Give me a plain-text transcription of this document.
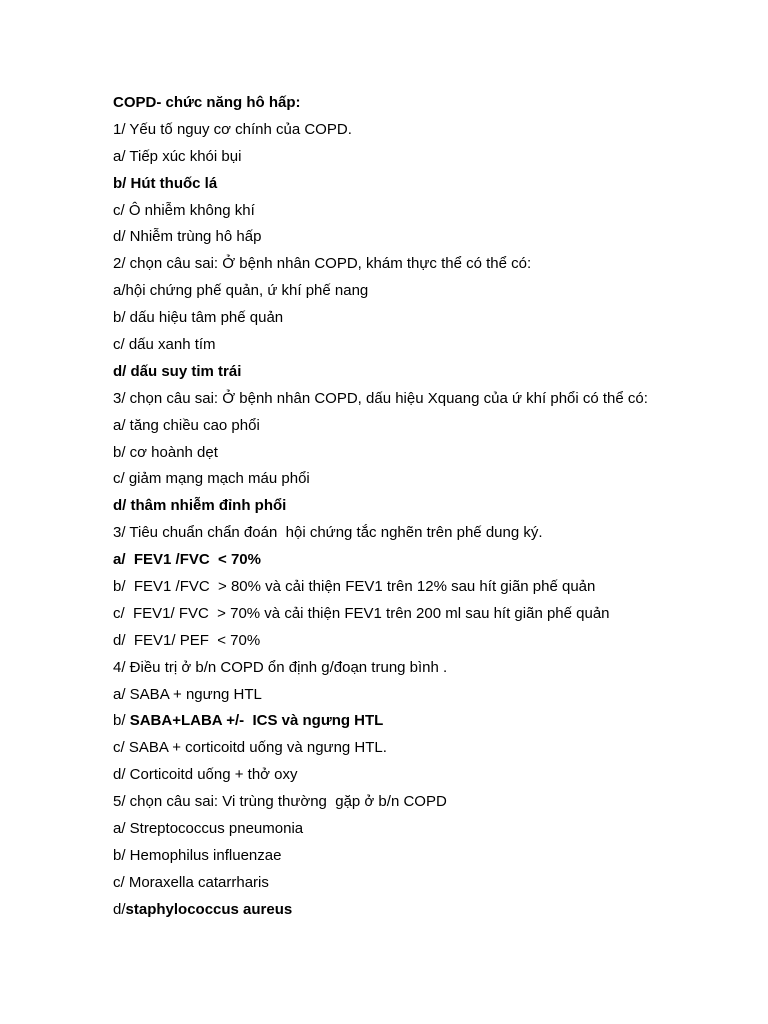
COPD- chức năng hô hấp:
1/ Yếu tố nguy cơ chính của COPD.
a/ Tiếp xúc khói bụi
b/ Hút thuốc lá
c/ Ô nhiễm không khí
d/ Nhiễm trùng hô hấp
2/ chọn câu sai: Ở bệnh nhân COPD, khám thực thể có thể có:
a/hội chứng phế quản, ứ khí phế nang
b/ dấu hiệu tâm phế quản
c/ dấu xanh tím
d/ dấu suy tim trái
3/ chọn câu sai: Ở bệnh nhân COPD, dấu hiệu Xquang của ứ khí phổi có thể có:
a/ tăng chiều cao phổi
b/ cơ hoành dẹt
c/ giảm mạng mạch máu phổi
d/ thâm nhiễm đỉnh phổi
3/ Tiêu chuẩn chẩn đoán  hội chứng tắc nghẽn trên phế dung ký.
a/  FEV1 /FVC  < 70%
b/  FEV1 /FVC  > 80% và cải thiện FEV1 trên 12% sau hít giãn phế quản
c/  FEV1/ FVC  > 70% và cải thiện FEV1 trên 200 ml sau hít giãn phế quản
d/  FEV1/ PEF  < 70%
4/ Điều trị ở b/n COPD ổn định g/đoạn trung bình .
a/ SABA + ngưng HTL
b/ SABA+LABA +/-  ICS và ngưng HTL
c/ SABA + corticoitd uống và ngưng HTL.
d/ Corticoitd uống + thở oxy
5/ chọn câu sai: Vi trùng thường  gặp ở b/n COPD
a/ Streptococcus pneumonia
b/ Hemophilus influenzae
c/ Moraxella catarrharis
d/staphylococcus aureus
